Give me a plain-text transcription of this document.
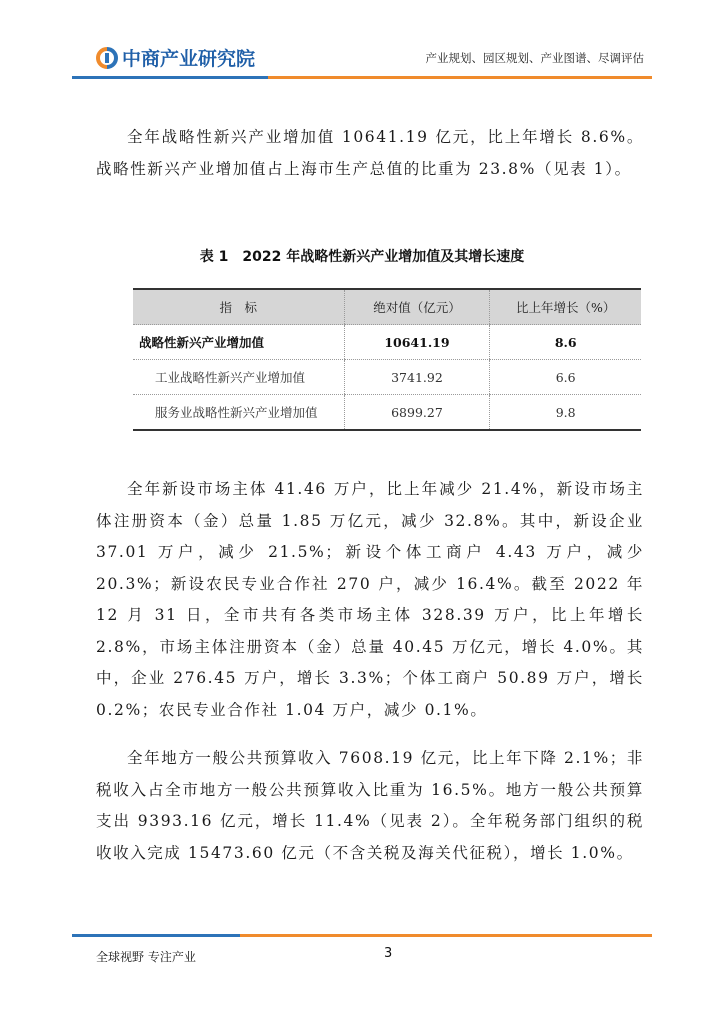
中商产业研究院	产业规划、园区规划、产业图谱、尽调评估

全年战略性新兴产业增加值 10641.19 亿元，比上年增长 8.6%。战略性新兴产业增加值占上海市生产总值的比重为 23.8%（见表 1）。

表 1　2022 年战略性新兴产业增加值及其增长速度
指　标	绝对值（亿元）	比上年增长（%）
战略性新兴产业增加值	10641.19	8.6
工业战略性新兴产业增加值	3741.92	6.6
服务业战略性新兴产业增加值	6899.27	9.8

全年新设市场主体 41.46 万户，比上年减少 21.4%，新设市场主体注册资本（金）总量 1.85 万亿元，减少 32.8%。其中，新设企业 37.01 万户，减少 21.5%；新设个体工商户 4.43 万户，减少 20.3%；新设农民专业合作社 270 户，减少 16.4%。截至 2022 年 12 月 31 日，全市共有各类市场主体 328.39 万户，比上年增长 2.8%，市场主体注册资本（金）总量 40.45 万亿元，增长 4.0%。其中，企业 276.45 万户，增长 3.3%；个体工商户 50.89 万户，增长 0.2%；农民专业合作社 1.04 万户，减少 0.1%。

全年地方一般公共预算收入 7608.19 亿元，比上年下降 2.1%；非税收入占全市地方一般公共预算收入比重为 16.5%。地方一般公共预算支出 9393.16 亿元，增长 11.4%（见表 2）。全年税务部门组织的税收收入完成 15473.60 亿元（不含关税及海关代征税），增长 1.0%。

全球视野 专注产业	3
